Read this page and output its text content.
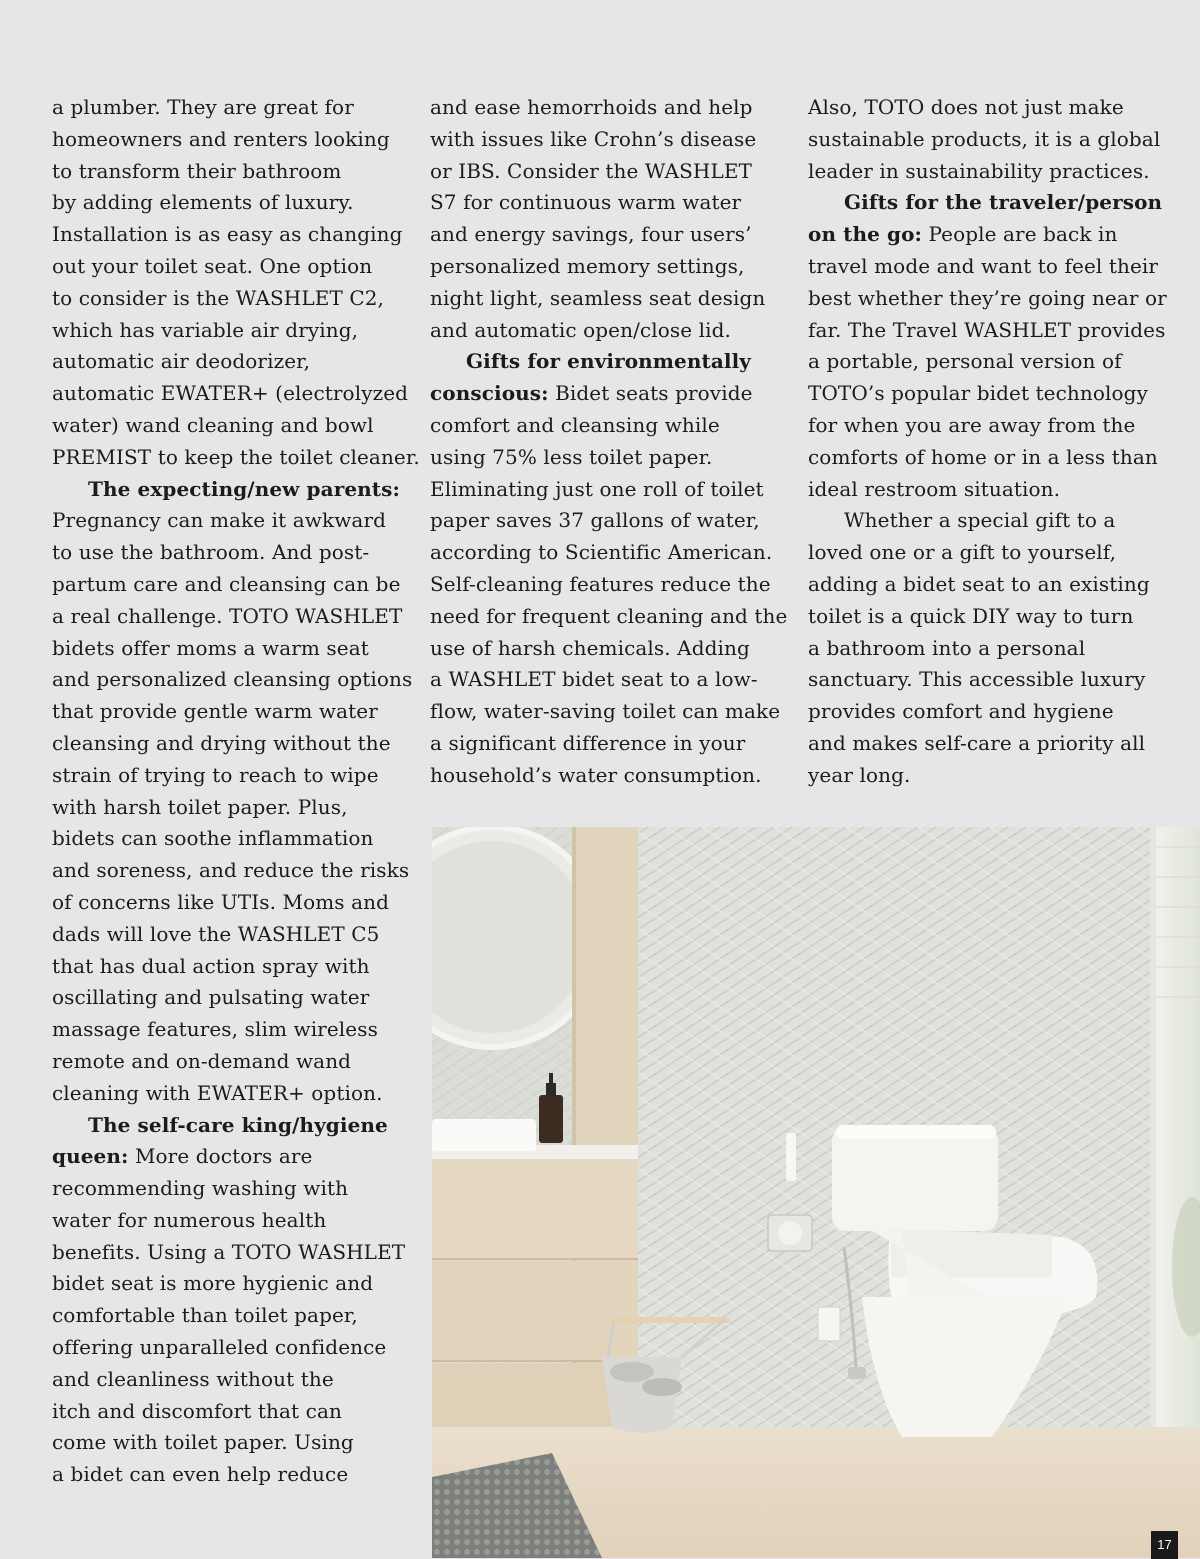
a plumber. They are great for
homeowners and renters looking
to transform their bathroom
by adding elements of luxury.
Installation is as easy as changing
out your toilet seat. One option
to consider is the WASHLET C2,
which has variable air drying,
automatic air deodorizer,
automatic EWATER+ (electrolyzed
water) wand cleaning and bowl
PREMIST to keep the toilet cleaner.

The expecting/new parents:
Pregnancy can make it awkward
to use the bathroom. And post-
partum care and cleansing can be
a real challenge. TOTO WASHLET
bidets offer moms a warm seat
and personalized cleansing options
that provide gentle warm water
cleansing and drying without the
strain of trying to reach to wipe
with harsh toilet paper. Plus,
bidets can soothe inflammation
and soreness, and reduce the risks
of concerns like UTIs. Moms and
dads will love the WASHLET C5
that has dual action spray with
oscillating and pulsating water
massage features, slim wireless
remote and on-demand wand
cleaning with EWATER+ option.

The self-care king/hygiene
queen: More doctors are
recommending washing with
water for numerous health
benefits. Using a TOTO WASHLET
bidet seat is more hygienic and
comfortable than toilet paper,
offering unparalleled confidence
and cleanliness without the
itch and discomfort that can
come with toilet paper. Using
a bidet can even help reduce

and ease hemorrhoids and help
with issues like Crohn’s disease
or IBS. Consider the WASHLET
S7 for continuous warm water
and energy savings, four users’
personalized memory settings,
night light, seamless seat design
and automatic open/close lid.

Gifts for environmentally
conscious: Bidet seats provide
comfort and cleansing while
using 75% less toilet paper.
Eliminating just one roll of toilet
paper saves 37 gallons of water,
according to Scientific American.
Self-cleaning features reduce the
need for frequent cleaning and the
use of harsh chemicals. Adding
a WASHLET bidet seat to a low-
flow, water-saving toilet can make
a significant difference in your
household’s water consumption.

Also, TOTO does not just make
sustainable products, it is a global
leader in sustainability practices.

Gifts for the traveler/person
on the go: People are back in
travel mode and want to feel their
best whether they’re going near or
far. The Travel WASHLET provides
a portable, personal version of
TOTO’s popular bidet technology
for when you are away from the
comforts of home or in a less than
ideal restroom situation.

Whether a special gift to a
loved one or a gift to yourself,
adding a bidet seat to an existing
toilet is a quick DIY way to turn
a bathroom into a personal
sanctuary. This accessible luxury
provides comfort and hygiene
and makes self-care a priority all
year long.

17
